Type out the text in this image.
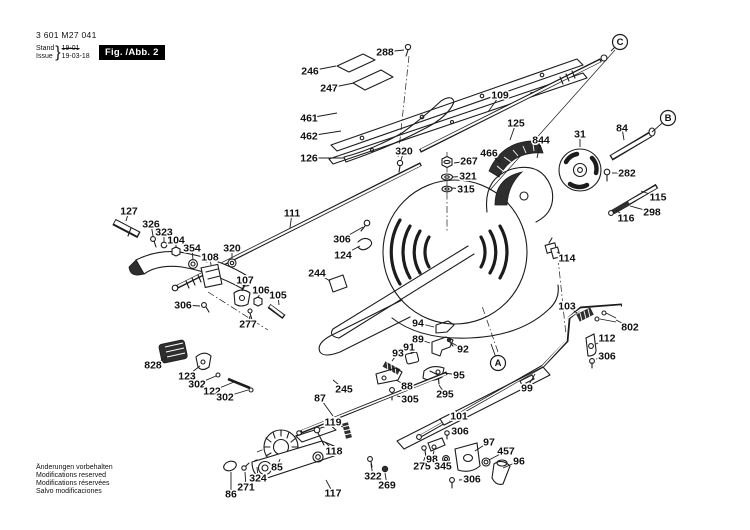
3 601 M27 041
Stand
Issue } 19-01
19-03-18	Fig. /Abb. 2	288
246
247
461
462
126
109
125
466
844 31	84
282
115
298
116
127
326
323
104
354
108
320
111
320
267
321
315
306
124
244
107
106 105
306
277
114
103
802
112
306
94
89
92
91
93
95
88
305 295	99
828
123
302
122
302
245
87
119
118
85
324
271
86	117
322
269
101
306
275
98
345
97
457
96
306
C
B
A
Änderungen vorbehalten
Modifications reserved
Modifications réservées
Salvo modificaciones
